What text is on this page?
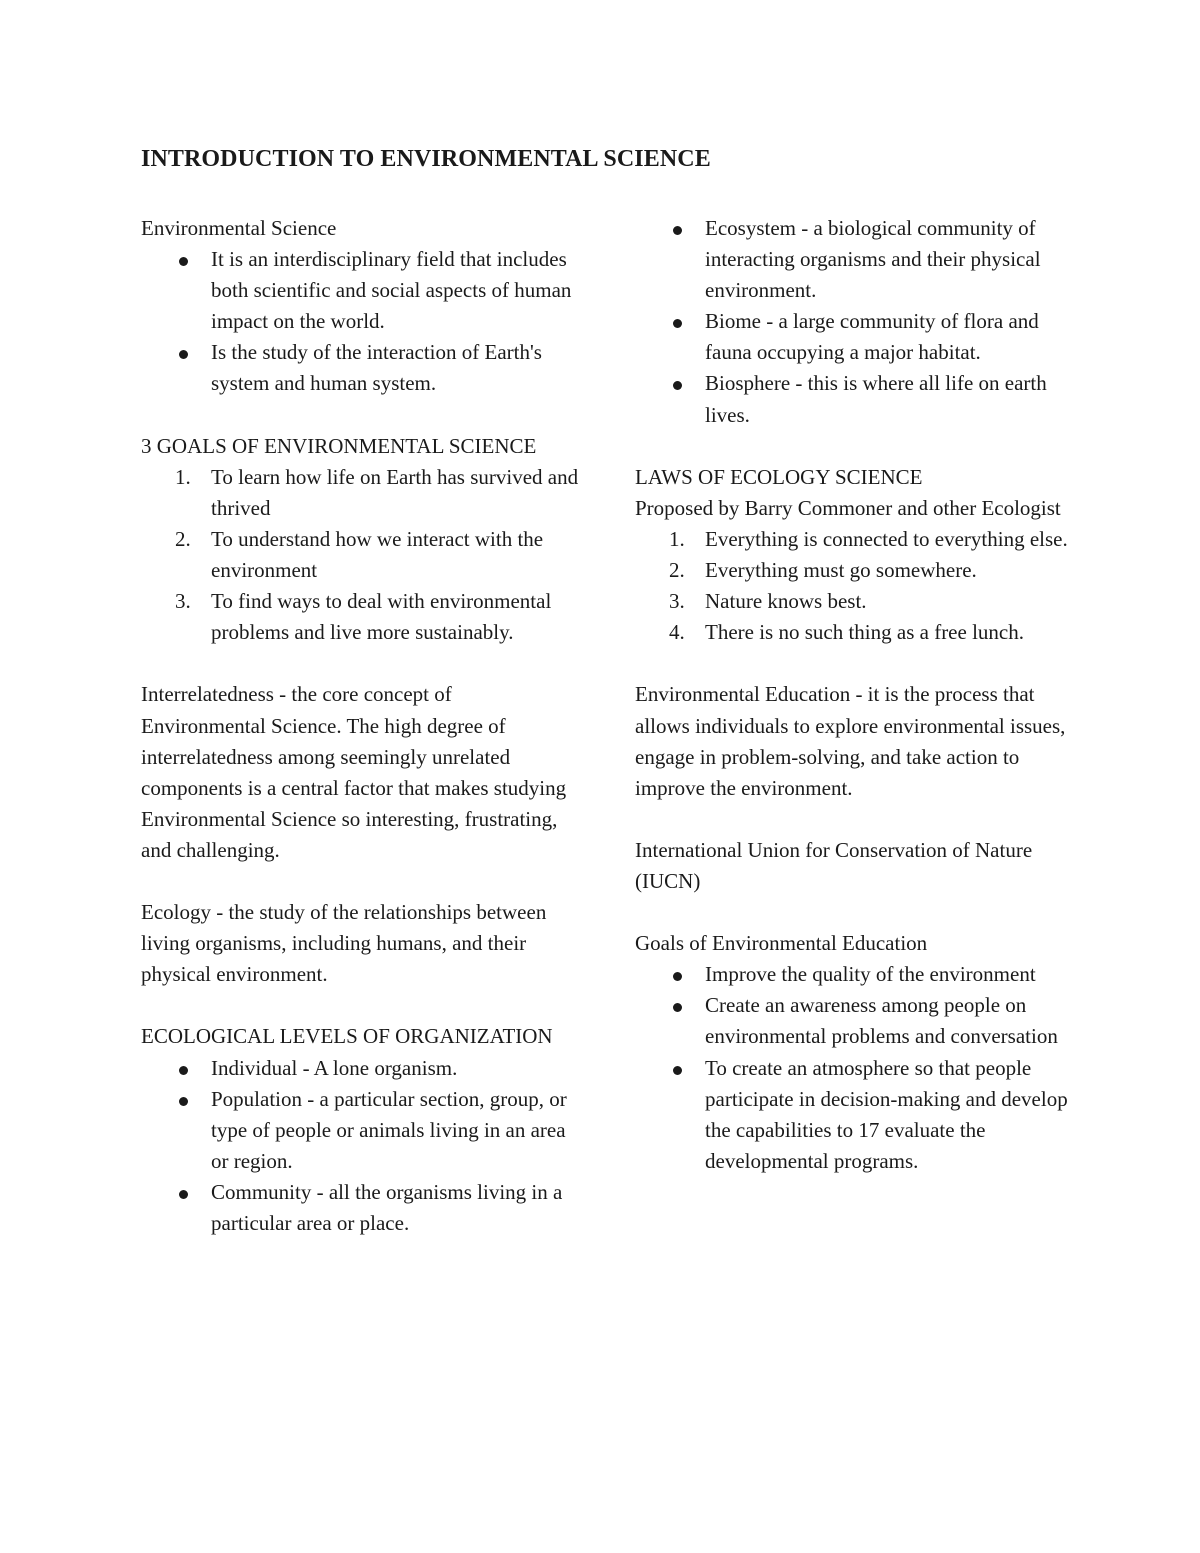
INTRODUCTION TO ENVIRONMENTAL SCIENCE

Environmental Science

It is an interdisciplinary field that includes both scientific and social aspects of human impact on the world.
Is the study of the interaction of Earth's system and human system.

3 GOALS OF ENVIRONMENTAL SCIENCE

1. To learn how life on Earth has survived and thrived
2. To understand how we interact with the environment
3. To find ways to deal with environmental problems and live more sustainably.

Interrelatedness - the core concept of Environmental Science. The high degree of interrelatedness among seemingly unrelated components is a central factor that makes studying Environmental Science so interesting, frustrating, and challenging.

Ecology - the study of the relationships between living organisms, including humans, and their physical environment.

ECOLOGICAL LEVELS OF ORGANIZATION

Individual - A lone organism.
Population - a particular section, group, or type of people or animals living in an area or region.
Community - all the organisms living in a particular area or place.
Ecosystem - a biological community of interacting organisms and their physical environment.
Biome - a large community of flora and fauna occupying a major habitat.
Biosphere - this is where all life on earth lives.

LAWS OF ECOLOGY SCIENCE

Proposed by Barry Commoner and other Ecologist

1. Everything is connected to everything else.
2. Everything must go somewhere.
3. Nature knows best.
4. There is no such thing as a free lunch.

Environmental Education - it is the process that allows individuals to explore environmental issues, engage in problem-solving, and take action to improve the environment.

International Union for Conservation of Nature (IUCN)

Goals of Environmental Education

Improve the quality of the environment
Create an awareness among people on environmental problems and conversation
To create an atmosphere so that people participate in decision-making and develop the capabilities to 17 evaluate the developmental programs.
